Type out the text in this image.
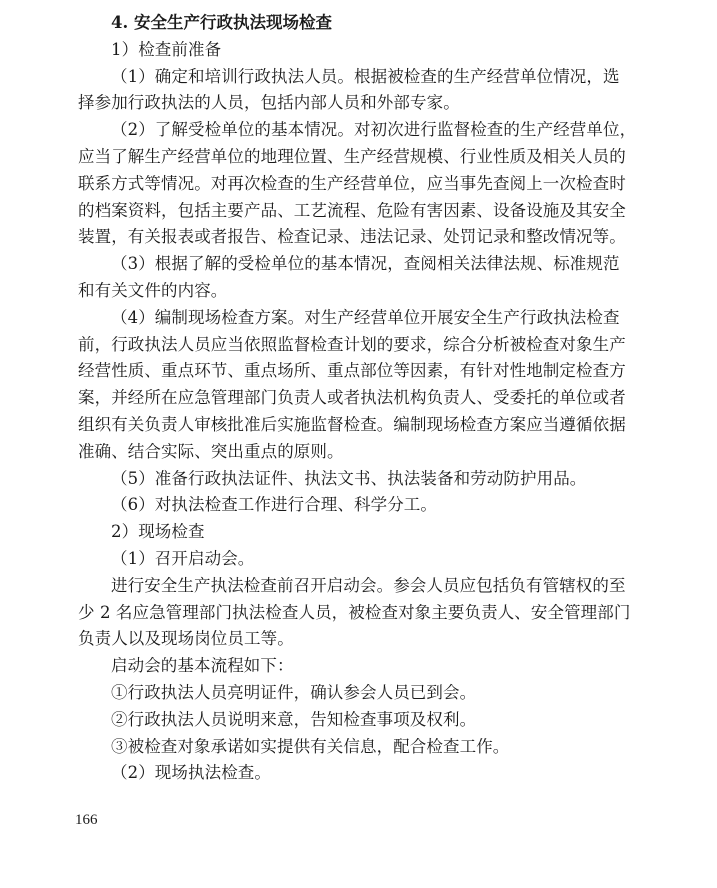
4. 安全生产行政执法现场检查
1）检查前准备
（1）确定和培训行政执法人员。根据被检查的生产经营单位情况，选
择参加行政执法的人员，包括内部人员和外部专家。
（2）了解受检单位的基本情况。对初次进行监督检查的生产经营单位，
应当了解生产经营单位的地理位置、生产经营规模、行业性质及相关人员的
联系方式等情况。对再次检查的生产经营单位，应当事先查阅上一次检查时
的档案资料，包括主要产品、工艺流程、危险有害因素、设备设施及其安全
装置，有关报表或者报告、检查记录、违法记录、处罚记录和整改情况等。
（3）根据了解的受检单位的基本情况，查阅相关法律法规、标准规范
和有关文件的内容。
（4）编制现场检查方案。对生产经营单位开展安全生产行政执法检查
前，行政执法人员应当依照监督检查计划的要求，综合分析被检查对象生产
经营性质、重点环节、重点场所、重点部位等因素，有针对性地制定检查方
案，并经所在应急管理部门负责人或者执法机构负责人、受委托的单位或者
组织有关负责人审核批准后实施监督检查。编制现场检查方案应当遵循依据
准确、结合实际、突出重点的原则。
（5）准备行政执法证件、执法文书、执法装备和劳动防护用品。
（6）对执法检查工作进行合理、科学分工。
2）现场检查
（1）召开启动会。
进行安全生产执法检查前召开启动会。参会人员应包括负有管辖权的至
少 2 名应急管理部门执法检查人员，被检查对象主要负责人、安全管理部门
负责人以及现场岗位员工等。
启动会的基本流程如下：
①行政执法人员亮明证件，确认参会人员已到会。
②行政执法人员说明来意，告知检查事项及权利。
③被检查对象承诺如实提供有关信息，配合检查工作。
（2）现场执法检查。
166
